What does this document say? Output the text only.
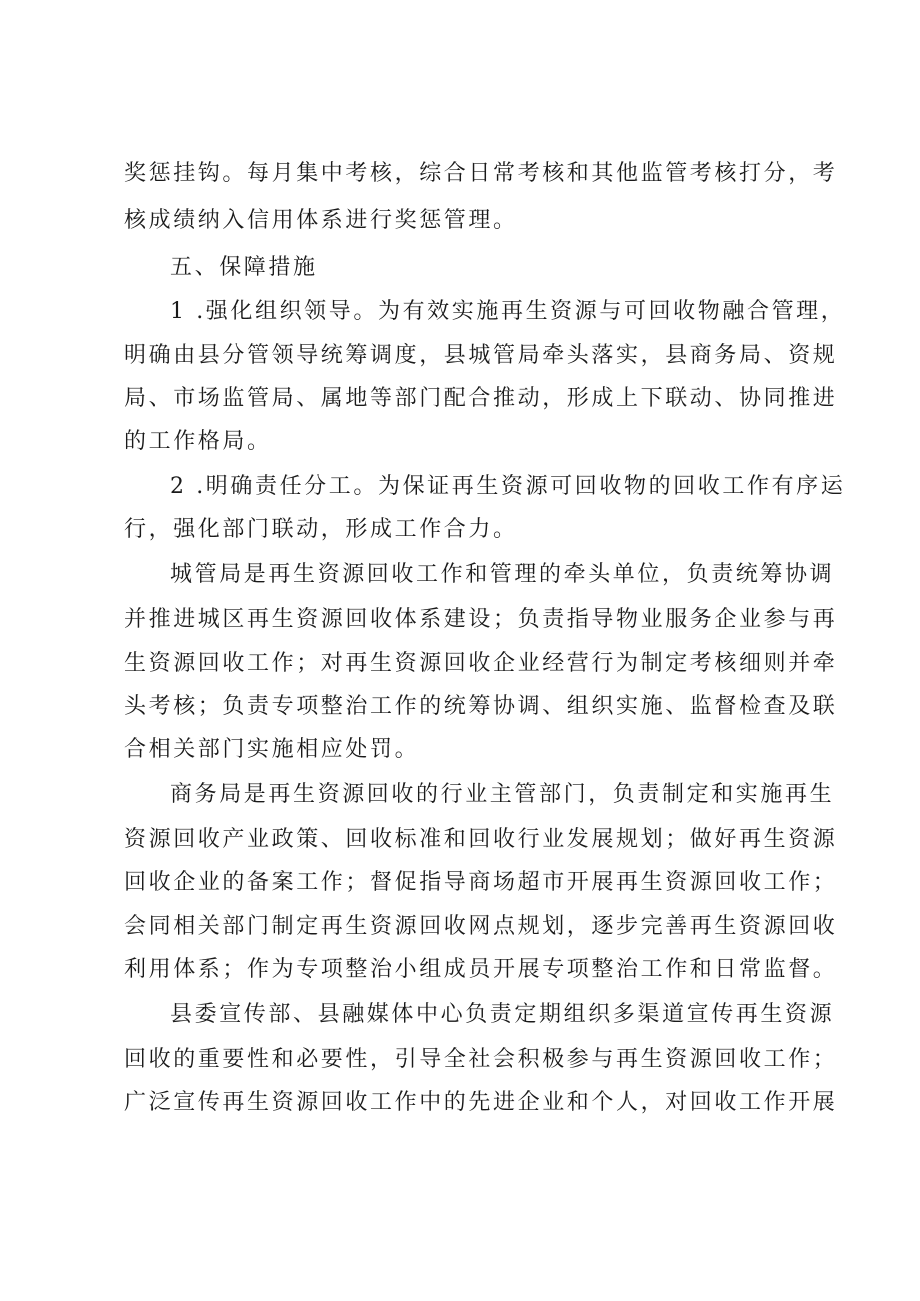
奖惩挂钩。每月集中考核，综合日常考核和其他监管考核打分，考
核成绩纳入信用体系进行奖惩管理。
五、保障措施
1 .强化组织领导。为有效实施再生资源与可回收物融合管理，
明确由县分管领导统筹调度，县城管局牵头落实，县商务局、资规
局、市场监管局、属地等部门配合推动，形成上下联动、协同推进
的工作格局。
2 .明确责任分工。为保证再生资源可回收物的回收工作有序运
行，强化部门联动，形成工作合力。
城管局是再生资源回收工作和管理的牵头单位，负责统筹协调
并推进城区再生资源回收体系建设；负责指导物业服务企业参与再
生资源回收工作；对再生资源回收企业经营行为制定考核细则并牵
头考核；负责专项整治工作的统筹协调、组织实施、监督检查及联
合相关部门实施相应处罚。
商务局是再生资源回收的行业主管部门，负责制定和实施再生
资源回收产业政策、回收标准和回收行业发展规划；做好再生资源
回收企业的备案工作；督促指导商场超市开展再生资源回收工作；
会同相关部门制定再生资源回收网点规划，逐步完善再生资源回收
利用体系；作为专项整治小组成员开展专项整治工作和日常监督。
县委宣传部、县融媒体中心负责定期组织多渠道宣传再生资源
回收的重要性和必要性，引导全社会积极参与再生资源回收工作；
广泛宣传再生资源回收工作中的先进企业和个人，对回收工作开展
